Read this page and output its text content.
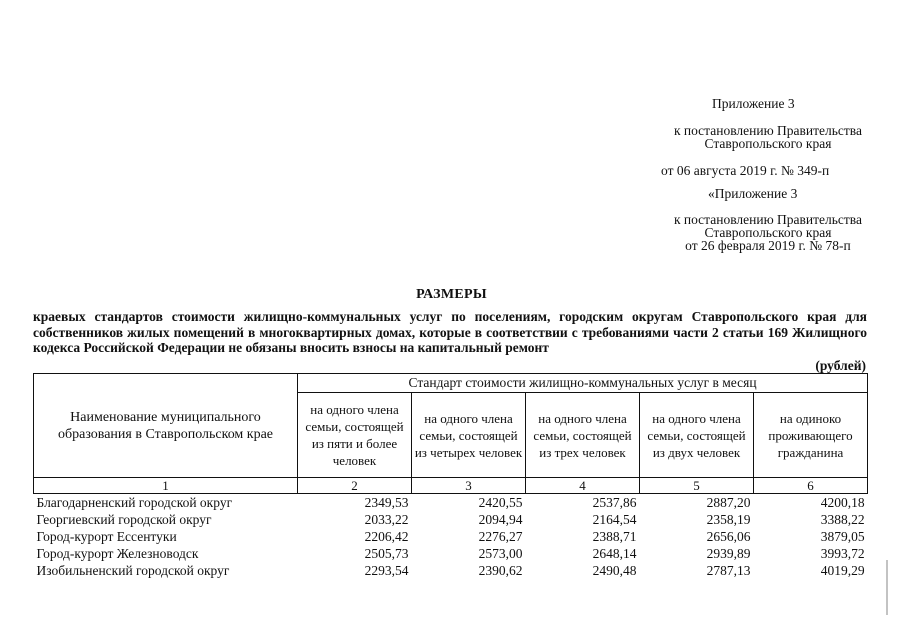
Приложение 3
к постановлению Правительства
Ставропольского края
от 06 августа 2019 г. № 349-п
«Приложение 3
к постановлению Правительства
Ставропольского края
от 26 февраля 2019 г. № 78-п
РАЗМЕРЫ
краевых стандартов стоимости жилищно-коммунальных услуг по поселениям, городским округам Ставропольского края для собственников жилых помещений в многоквартирных домах, которые в соответствии с требованиями части 2 статьи 169 Жилищного кодекса Российской Федерации не обязаны вносить взносы на капитальный ремонт
(рублей)
Наименование муниципального образования в Ставропольском крае	Стандарт стоимости жилищно-коммунальных услуг в месяц				
	на одного члена семьи, состоящей из пяти и более человек	на одного члена семьи, состоящей из четырех человек	на одного члена семьи, состоящей из трех человек	на одного члена семьи, состоящей из двух человек	на одиноко проживающего гражданина
1	2	3	4	5	6
Благодарненский городской округ	2349,53	2420,55	2537,86	2887,20	4200,18
Георгиевский городской округ	2033,22	2094,94	2164,54	2358,19	3388,22
Город-курорт Ессентуки	2206,42	2276,27	2388,71	2656,06	3879,05
Город-курорт Железноводск	2505,73	2573,00	2648,14	2939,89	3993,72
Изобильненский городской округ	2293,54	2390,62	2490,48	2787,13	4019,29
